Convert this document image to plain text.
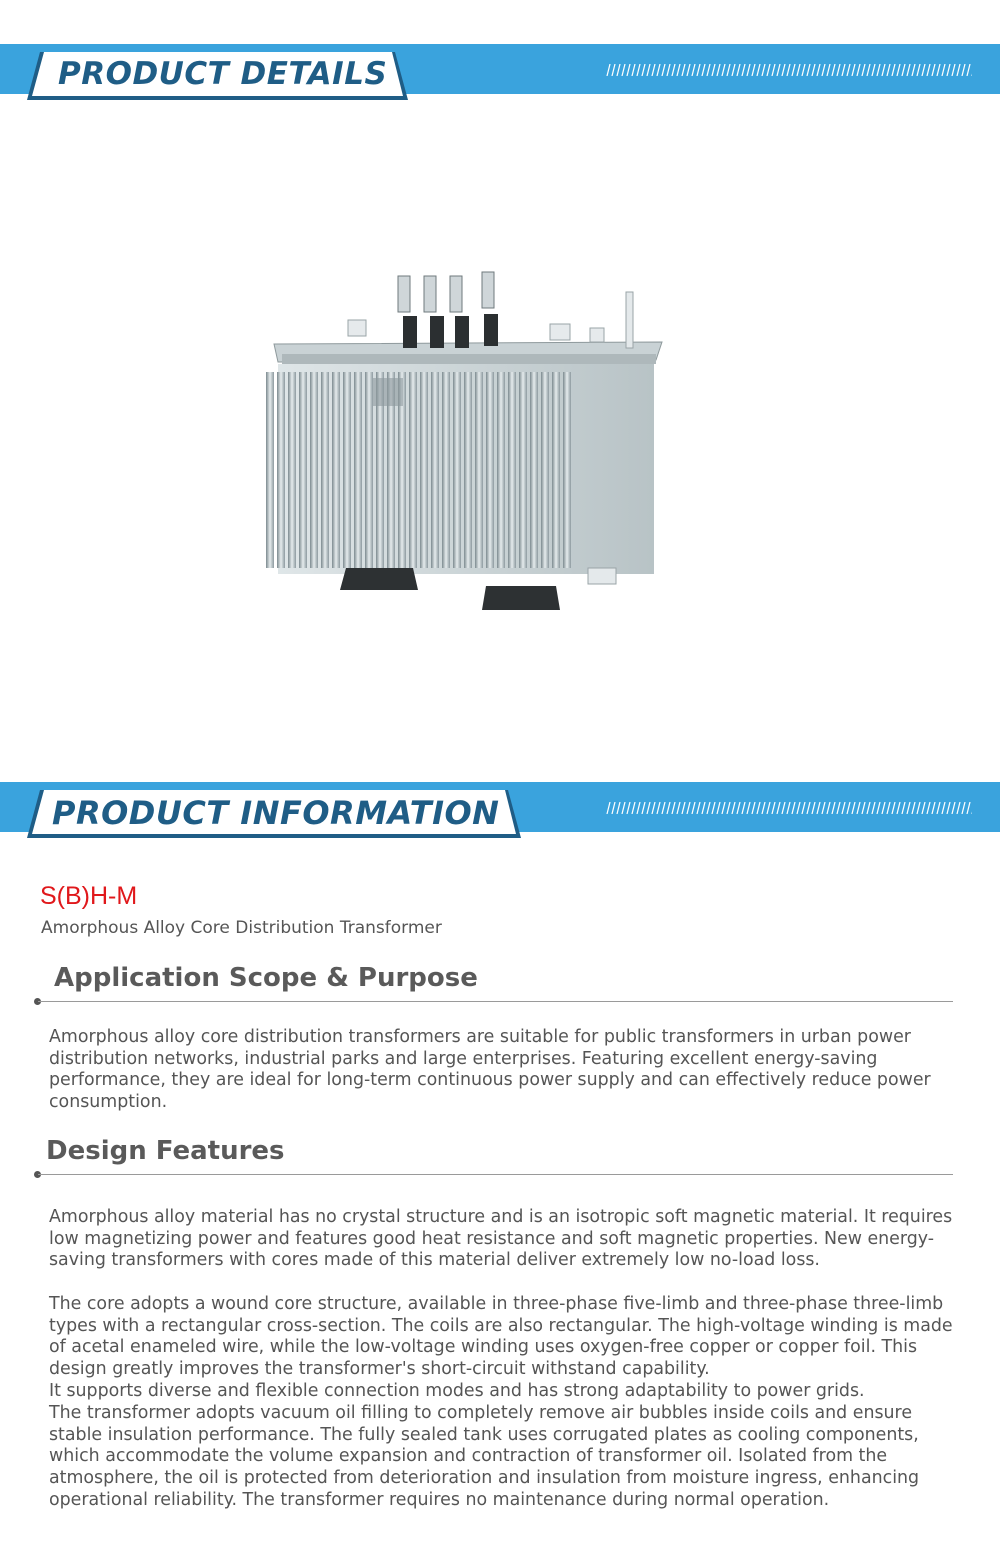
PRODUCT DETAILS
PRODUCT INFORMATION
S(B)H-M
Amorphous Alloy Core Distribution Transformer
Application Scope & Purpose
Amorphous alloy core distribution transformers are suitable for public transformers in urban power distribution networks, industrial parks and large enterprises. Featuring excellent energy-saving performance, they are ideal for long-term continuous power supply and can effectively reduce power consumption.
Design Features
Amorphous alloy material has no crystal structure and is an isotropic soft magnetic material. It requires low magnetizing power and features good heat resistance and soft magnetic properties. New energy-saving transformers with cores made of this material deliver extremely low no-load loss.
The core adopts a wound core structure, available in three-phase five-limb and three-phase three-limb types with a rectangular cross-section. The coils are also rectangular. The high-voltage winding is made of acetal enameled wire, while the low-voltage winding uses oxygen-free copper or copper foil. This design greatly improves the transformer's short-circuit withstand capability.
It supports diverse and flexible connection modes and has strong adaptability to power grids.
The transformer adopts vacuum oil filling to completely remove air bubbles inside coils and ensure stable insulation performance. The fully sealed tank uses corrugated plates as cooling components, which accommodate the volume expansion and contraction of transformer oil. Isolated from the atmosphere, the oil is protected from deterioration and insulation from moisture ingress, enhancing operational reliability. The transformer requires no maintenance during normal operation.
